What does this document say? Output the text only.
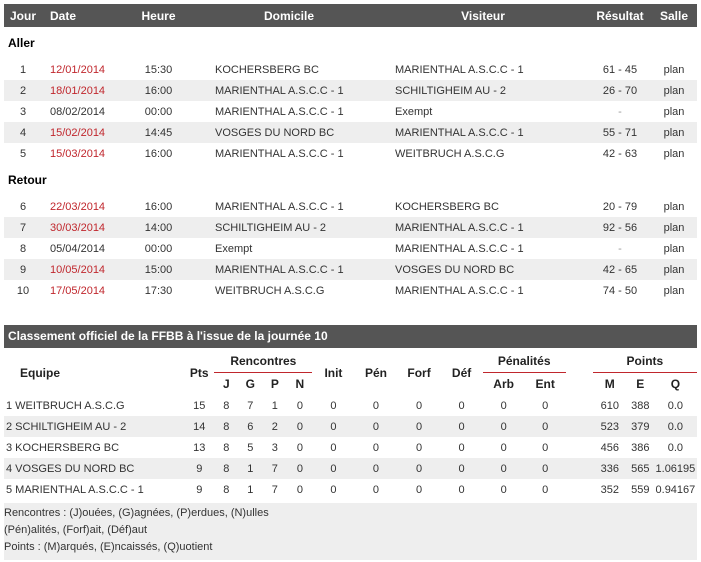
Jour	Date	Heure	Domicile	Visiteur	Résultat	Salle
Aller						
1	12/01/2014	15:30	KOCHERSBERG BC	MARIENTHAL A.S.C.C - 1	61 - 45	plan
2	18/01/2014	16:00	MARIENTHAL A.S.C.C - 1	SCHILTIGHEIM AU - 2	26 - 70	plan
3	08/02/2014	00:00	MARIENTHAL A.S.C.C - 1	Exempt	-	plan
4	15/02/2014	14:45	VOSGES DU NORD BC	MARIENTHAL A.S.C.C - 1	55 - 71	plan
5	15/03/2014	16:00	MARIENTHAL A.S.C.C - 1	WEITBRUCH A.S.C.G	42 - 63	plan
Retour						
6	22/03/2014	16:00	MARIENTHAL A.S.C.C - 1	KOCHERSBERG BC	20 - 79	plan
7	30/03/2014	14:00	SCHILTIGHEIM AU - 2	MARIENTHAL A.S.C.C - 1	92 - 56	plan
8	05/04/2014	00:00	Exempt	MARIENTHAL A.S.C.C - 1	-	plan
9	10/05/2014	15:00	MARIENTHAL A.S.C.C - 1	VOSGES DU NORD BC	42 - 65	plan
10	17/05/2014	17:30	WEITBRUCH A.S.C.G	MARIENTHAL A.S.C.C - 1	74 - 50	plan
Classement officiel de la FFBB à l'issue de la journée 10
Equipe	Pts	Rencontres				Init	Pén	Forf	Déf	Pénalités			Points		
		J	G	P	N					Arb	Ent		M	E	Q
1 WEITBRUCH A.S.C.G	15	8	7	1	0	0	0	0	0	0	0		610	388	0.0
2 SCHILTIGHEIM AU - 2	14	8	6	2	0	0	0	0	0	0	0		523	379	0.0
3 KOCHERSBERG BC	13	8	5	3	0	0	0	0	0	0	0		456	386	0.0
4 VOSGES DU NORD BC	9	8	1	7	0	0	0	0	0	0	0		336	565	1.06195
5 MARIENTHAL A.S.C.C - 1	9	8	1	7	0	0	0	0	0	0	0		352	559	0.94167
Rencontres : (J)ouées, (G)agnées, (P)erdues, (N)ulles
(Pén)alités, (Forf)ait, (Déf)aut
Points : (M)arqués, (E)ncaissés, (Q)uotient
